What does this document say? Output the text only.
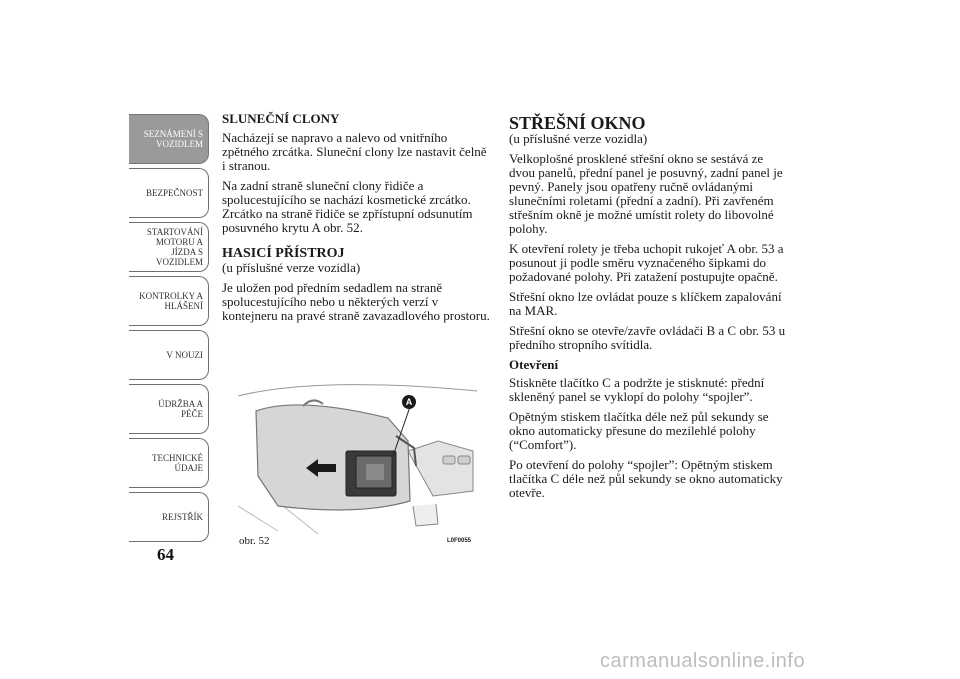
SEZNÁMENÍ S VOZIDLEM
BEZPEČNOST
STARTOVÁNÍ MOTORU A JÍZDA S VOZIDLEM
KONTROLKY A HLÁŠENÍ
V NOUZI
ÚDRŽBA A PÉČE
TECHNICKÉ ÚDAJE
REJSTŘÍK
64
SLUNEČNÍ CLONY

Nacházejí se napravo a nalevo od vnitřního zpětného zrcátka. Sluneční clony lze nastavit čelně i stranou.

Na zadní straně sluneční clony řidiče a spolucestujícího se nachází kosmetické zrcátko. Zrcátko na straně řidiče se zpřístupní odsunutím posuvného krytu A obr. 52.

HASICÍ PŘÍSTROJ
(u příslušné verze vozidla)

Je uložen pod předním sedadlem na straně spolucestujícího nebo u některých verzí v kontejneru na pravé straně zavazadlového prostoru.

A
obr. 52	L0F0055
STŘEŠNÍ OKNO
(u příslušné verze vozidla)

Velkoplošné prosklené střešní okno se sestává ze dvou panelů, přední panel je posuvný, zadní panel je pevný. Panely jsou opatřeny ručně ovládanými slunečními roletami (přední a zadní). Při zavřeném střešním okně je možné umístit rolety do libovolné polohy.

K otevření rolety je třeba uchopit rukojeť A obr. 53 a posunout ji podle směru vyznačeného šipkami do požadované polohy. Při zatažení postupujte opačně.

Střešní okno lze ovládat pouze s klíčkem zapalování na MAR.

Střešní okno se otevře/zavře ovládači B a C obr. 53 u předního stropního svítidla.

Otevření

Stiskněte tlačítko C a podržte je stisknuté: přední skleněný panel se vyklopí do polohy “spojler”.

Opětným stiskem tlačítka déle než půl sekundy se okno automaticky přesune do mezilehlé polohy (“Comfort”).

Po otevření do polohy “spojler”: Opětným stiskem tlačítka C déle než půl sekundy se okno automaticky otevře.

carmanualsonline.info
